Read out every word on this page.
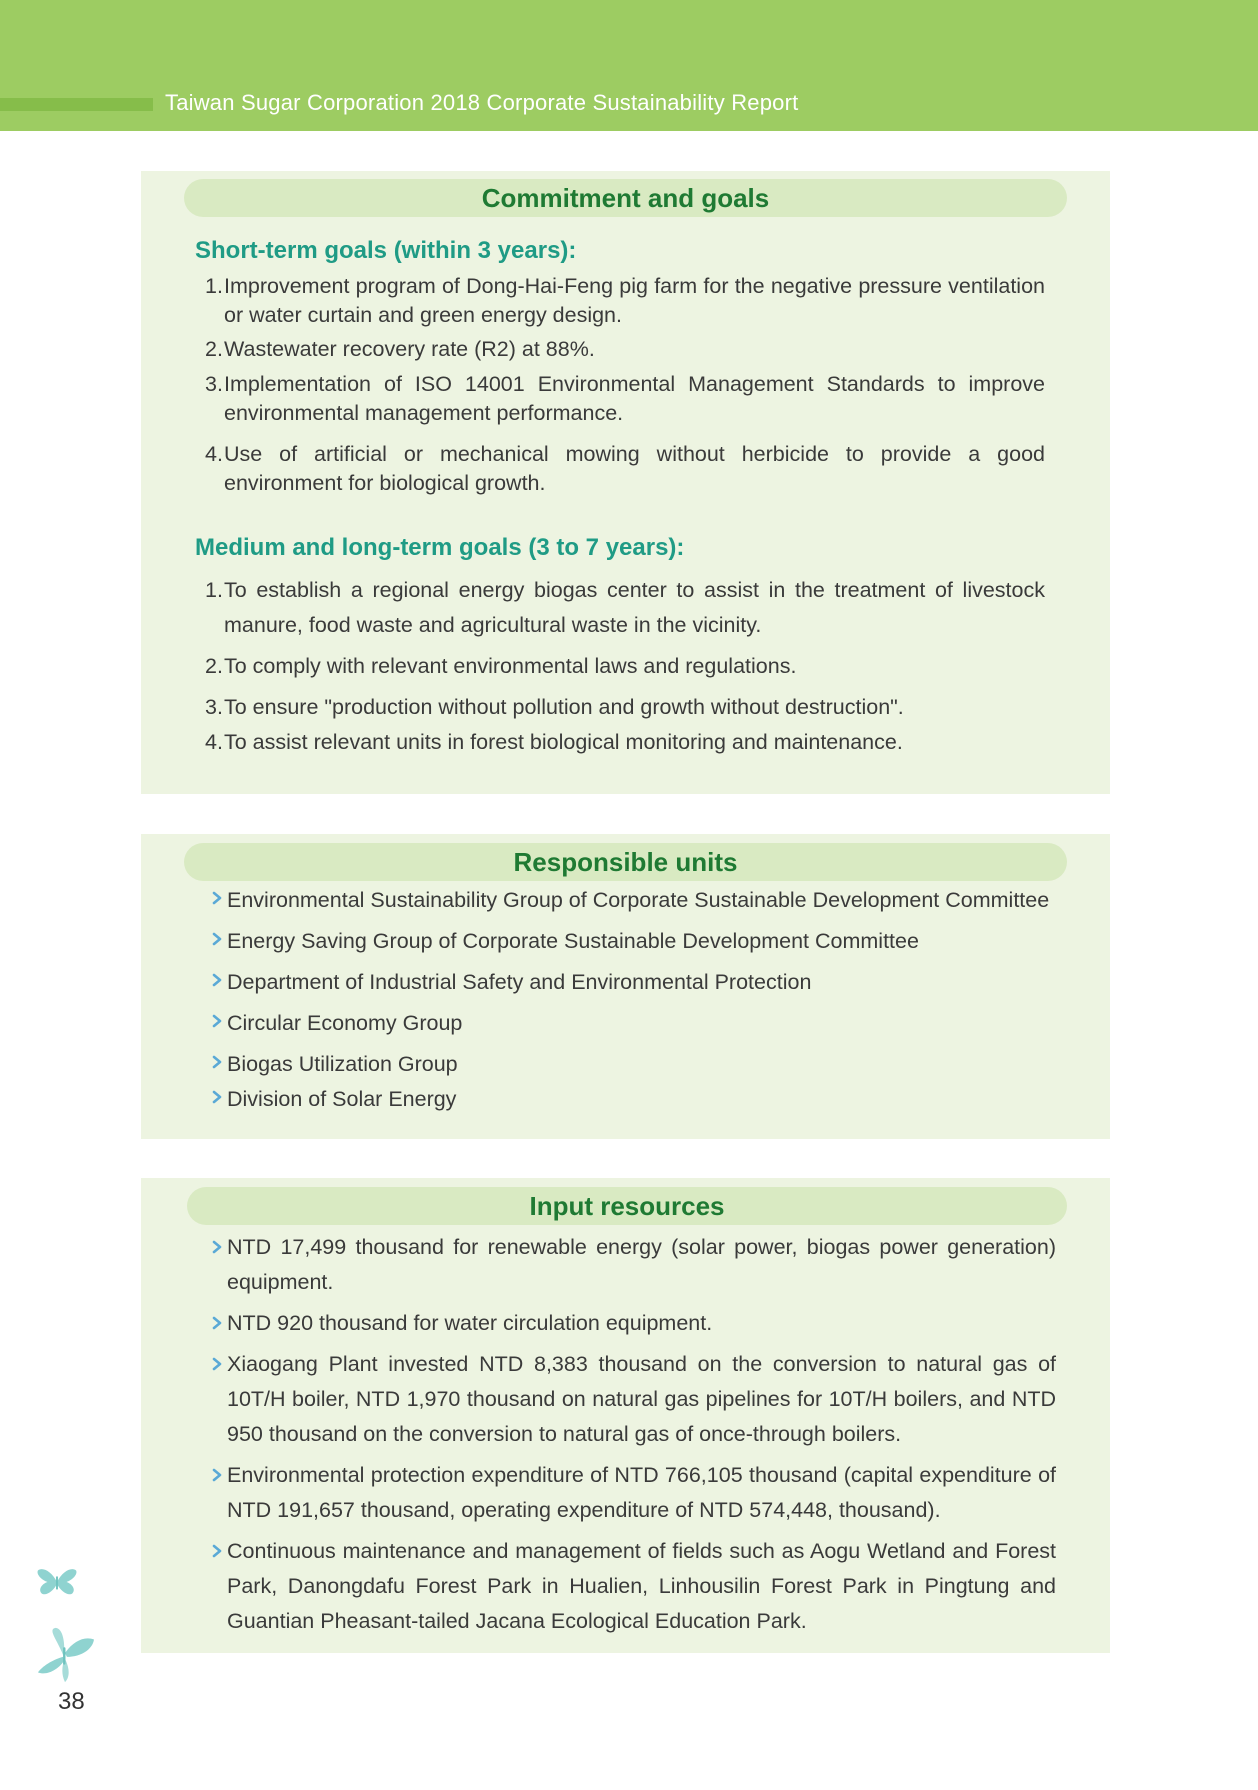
Taiwan Sugar Corporation 2018 Corporate Sustainability Report
Commitment and goals
Short-term goals (within 3 years):
1. Improvement program of Dong-Hai-Feng pig farm for the negative pressure ventilation or water curtain and green energy design.
2. Wastewater recovery rate (R2) at 88%.
3. Implementation of ISO 14001 Environmental Management Standards to improve environmental management performance.
4. Use of artificial or mechanical mowing without herbicide to provide a good environment for biological growth.
Medium and long-term goals (3 to 7 years):
1. To establish a regional energy biogas center to assist in the treatment of livestock manure, food waste and agricultural waste in the vicinity.
2. To comply with relevant environmental laws and regulations.
3. To ensure "production without pollution and growth without destruction".
4. To assist relevant units in forest biological monitoring and maintenance.
Responsible units
Environmental Sustainability Group of Corporate Sustainable Development Committee
Energy Saving Group of Corporate Sustainable Development Committee
Department of Industrial Safety and Environmental Protection
Circular Economy Group
Biogas Utilization Group
Division of Solar Energy
Input resources
NTD 17,499 thousand for renewable energy (solar power, biogas power generation) equipment.
NTD 920 thousand for water circulation equipment.
Xiaogang Plant invested NTD 8,383 thousand on the conversion to natural gas of 10T/H boiler, NTD 1,970 thousand on natural gas pipelines for 10T/H boilers, and NTD 950 thousand on the conversion to natural gas of once-through boilers.
Environmental protection expenditure of NTD 766,105 thousand (capital expenditure of NTD 191,657 thousand, operating expenditure of NTD 574,448, thousand).
Continuous maintenance and management of fields such as Aogu Wetland and Forest Park, Danongdafu Forest Park in Hualien, Linhousilin Forest Park in Pingtung and Guantian Pheasant-tailed Jacana Ecological Education Park.
38
